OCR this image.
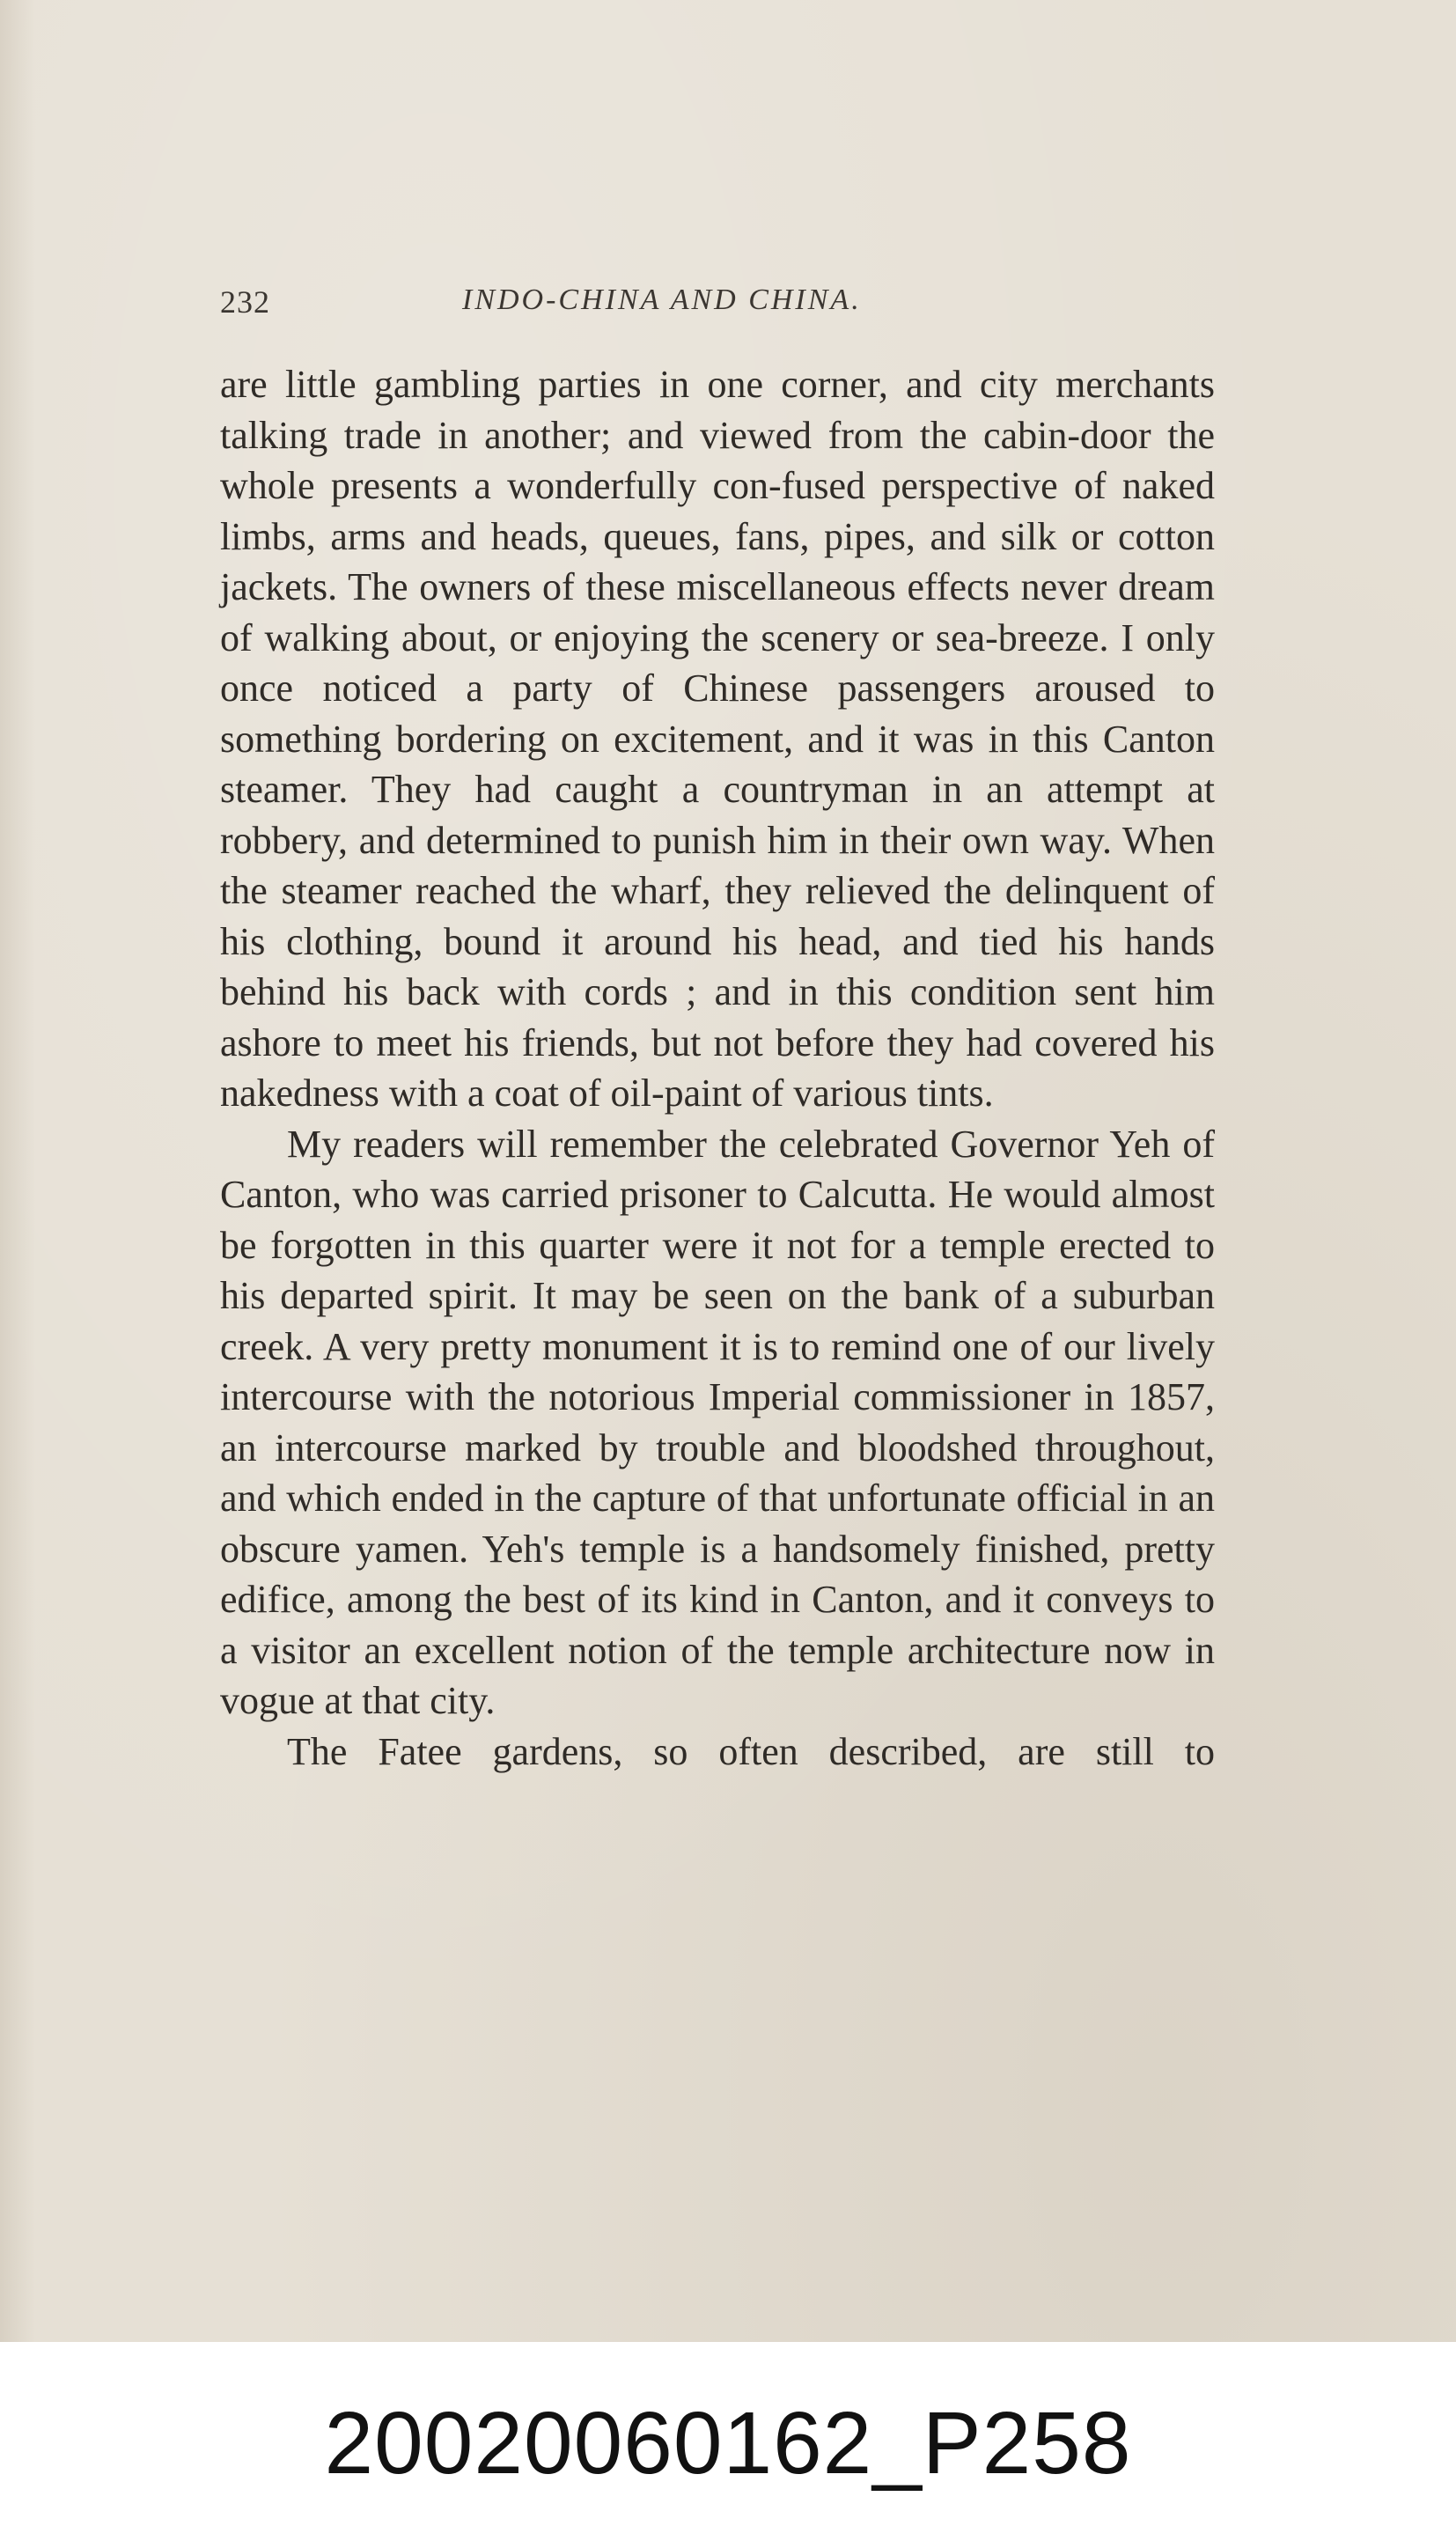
232	INDO-CHINA AND CHINA.

are little gambling parties in one corner, and city merchants talking trade in another; and viewed from the cabin-door the whole presents a wonderfully con-fused perspective of naked limbs, arms and heads, queues, fans, pipes, and silk or cotton jackets. The owners of these miscellaneous effects never dream of walking about, or enjoying the scenery or sea-breeze. I only once noticed a party of Chinese passengers aroused to something bordering on excitement, and it was in this Canton steamer. They had caught a countryman in an attempt at robbery, and determined to punish him in their own way. When the steamer reached the wharf, they relieved the delinquent of his clothing, bound it around his head, and tied his hands behind his back with cords ; and in this condition sent him ashore to meet his friends, but not before they had covered his nakedness with a coat of oil-paint of various tints.

My readers will remember the celebrated Governor Yeh of Canton, who was carried prisoner to Calcutta. He would almost be forgotten in this quarter were it not for a temple erected to his departed spirit. It may be seen on the bank of a suburban creek. A very pretty monument it is to remind one of our lively intercourse with the notorious Imperial commissioner in 1857, an intercourse marked by trouble and bloodshed throughout, and which ended in the capture of that unfortunate official in an obscure yamen. Yeh's temple is a handsomely finished, pretty edifice, among the best of its kind in Canton, and it conveys to a visitor an excellent notion of the temple architecture now in vogue at that city.

The Fatee gardens, so often described, are still to

20020060162_P258
